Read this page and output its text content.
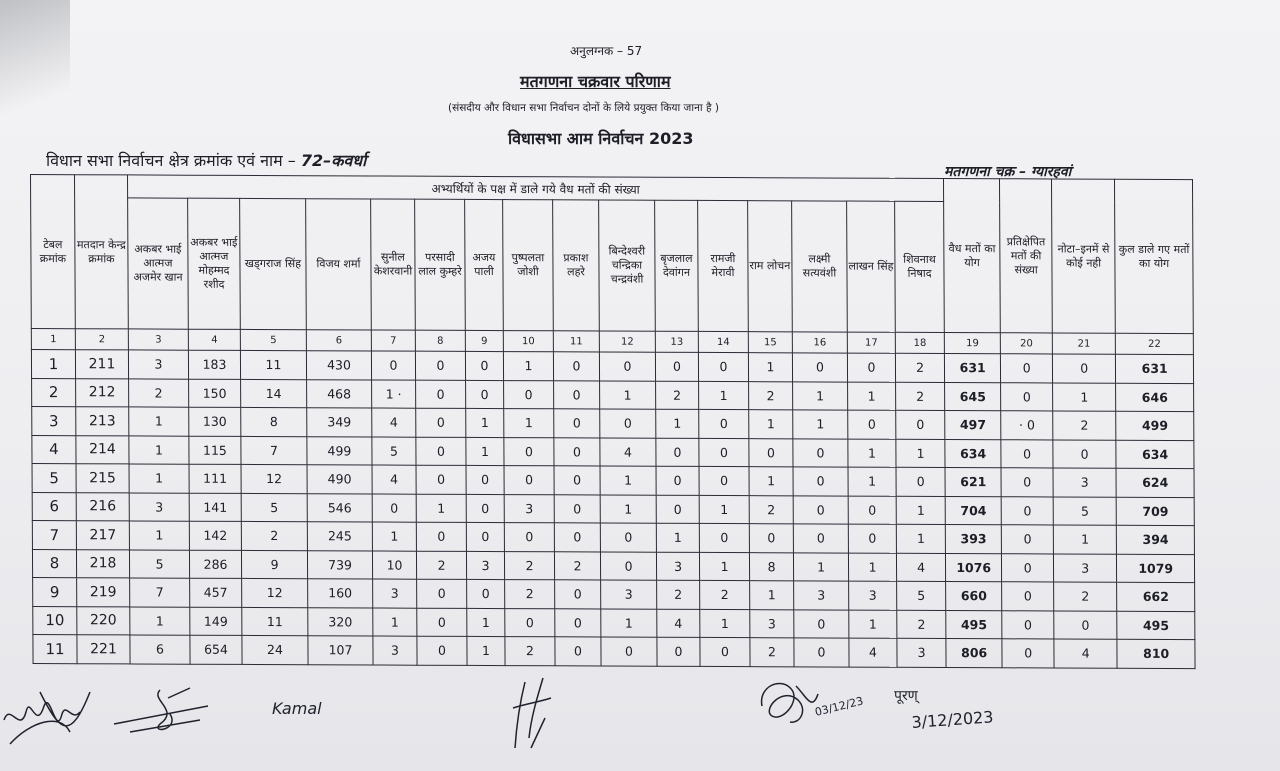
अनुलग्नक – 57
मतगणना चक्रवार परिणाम
(संसदीय और विधान सभा निर्वाचन दोनों के लिये प्रयुक्त किया जाना है )
विधासभा आम निर्वाचन 2023
विधान सभा निर्वाचन क्षेत्र क्रमांक एवं नाम – 72–कवर्धा
मतगणना चक्र – ग्यारहवां
टेबल क्रमांक	मतदान केन्द्र क्रमांक	अभ्यर्थियों के पक्ष में डाले गये वैध मतों की संख्या																वैध मतों का योग	प्रतिक्षेपित मतों की संख्या	नोटा–इनमें से कोई नही	कुल डाले गए मतों का योग
		अकबर भाई आत्मज अजमेर खान	अकबर भाई आत्मज मोहम्मद रशीद	खड्गराज सिंह	विजय शर्मा	सुनील केशरवानी	परसादी लाल कुम्हरे	अजय पाली	पुष्पलता जोशी	प्रकाश लहरे	बिन्देश्वरी चन्द्रिका चन्द्रवंशी	बृजलाल देवांगन	रामजी मेरावी	राम लोचन	लक्ष्मी सत्यवंशी	लाखन सिंह	शिवनाथ निषाद				
1	2	3	4	5	6	7	8	9	10	11	12	13	14	15	16	17	18	19	20	21	22
1	211	3	183	11	430	0	0	0	1	0	0	0	0	1	0	0	2	631	0	0	631
2	212	2	150	14	468	1 ·	0	0	0	0	1	2	1	2	1	1	2	645	0	1	646
3	213	1	130	8	349	4	0	1	1	0	0	1	0	1	1	0	0	497	· 0	2	499
4	214	1	115	7	499	5	0	1	0	0	4	0	0	0	0	1	1	634	0	0	634
5	215	1	111	12	490	4	0	0	0	0	1	0	0	1	0	1	0	621	0	3	624
6	216	3	141	5	546	0	1	0	3	0	1	0	1	2	0	0	1	704	0	5	709
7	217	1	142	2	245	1	0	0	0	0	0	1	0	0	0	0	1	393	0	1	394
8	218	5	286	9	739	10	2	3	2	2	0	3	1	8	1	1	4	1076	0	3	1079
9	219	7	457	12	160	3	0	0	2	0	3	2	2	1	3	3	5	660	0	2	662
10	220	1	149	11	320	1	0	1	0	0	1	4	1	3	0	1	2	495	0	0	495
11	221	6	654	24	107	3	0	1	2	0	0	0	0	2	0	4	3	806	0	4	810
Kamal	03/12/23 पूरण्
3/12/2023
